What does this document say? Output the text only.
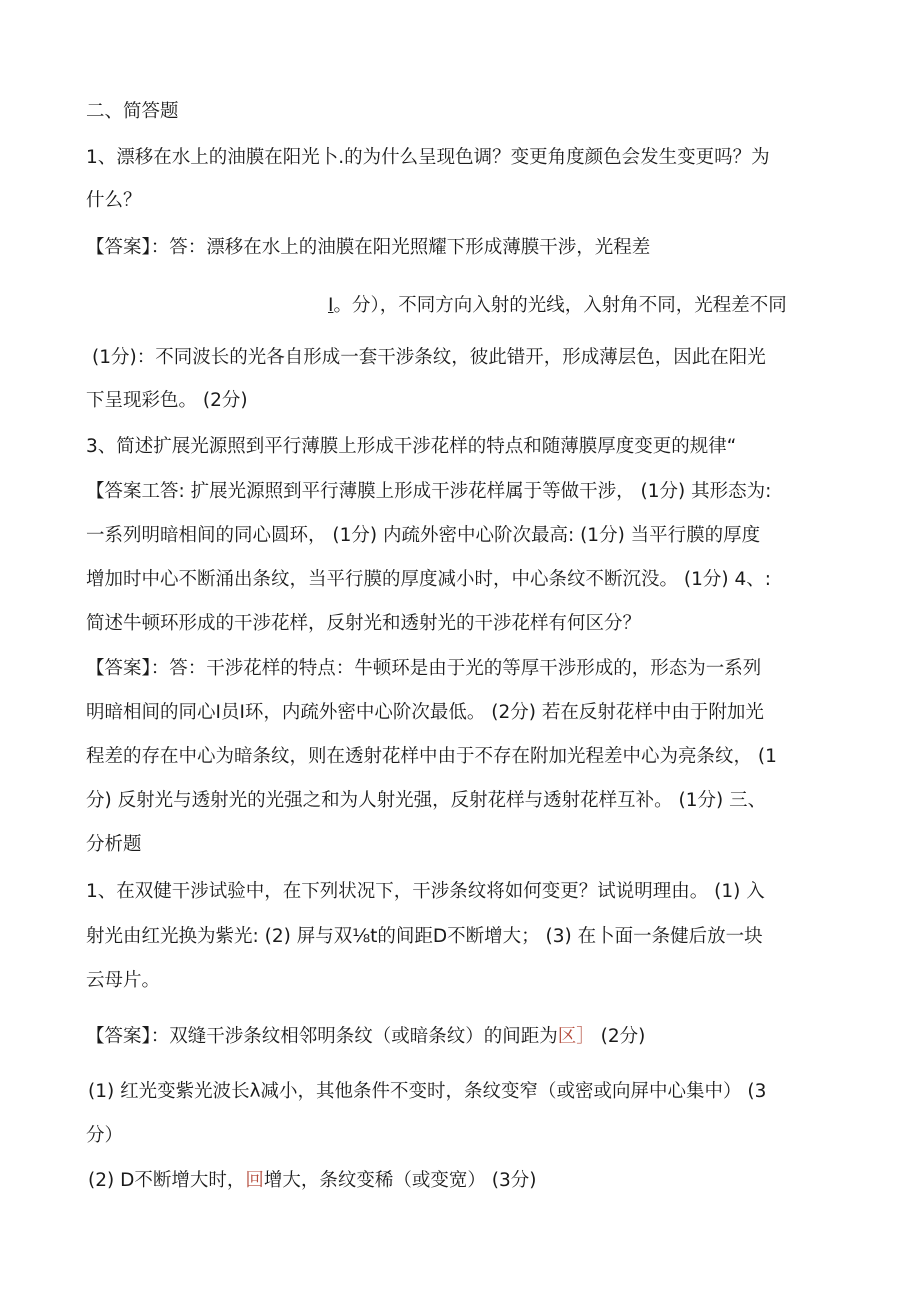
二、简答题
1、漂移在水上的油膜在阳光卜.的为什么呈现色调？变更角度颜色会发生变更吗？为
什么？
【答案】：答：漂移在水上的油膜在阳光照耀下形成薄膜干涉，光程差
I。分），不同方向入射的光线，入射角不同，光程差不同
(1分)：不同波长的光各自形成一套干涉条纹，彼此错开，形成薄层色，因此在阳光
下呈现彩色。 (2分)
3、简述扩展光源照到平行薄膜上形成干涉花样的特点和随薄膜厚度变更的规律“
【答案工答: 扩展光源照到平行薄膜上形成干涉花样属于等做干涉， (1分) 其形态为:
一系列明暗相间的同心圆环， (1分) 内疏外密中心阶次最高: (1分) 当平行膜的厚度
增加时中心不断涌出条纹，当平行膜的厚度减小时，中心条纹不断沉没。 (1分) 4、:
简述牛顿环形成的干涉花样，反射光和透射光的干涉花样有何区分？
【答案】：答：干涉花样的特点：牛顿环是由于光的等厚干涉形成的，形态为一系列
明暗相间的同心I员I环，内疏外密中心阶次最低。 (2分) 若在反射花样中由于附加光
程差的存在中心为暗条纹，则在透射花样中由于不存在附加光程差中心为亮条纹， (1
分) 反射光与透射光的光强之和为人射光强，反射花样与透射花样互补。 (1分) 三、
分析题
1、在双健干涉试验中，在下列状况下，干涉条纹将如何变更？试说明理由。 (1) 入
射光由红光换为紫光: (2) 屏与双⅛t的间距D不断增大； (3) 在卜面一条健后放一块
云母片。
【答案】：双缝干涉条纹相邻明条纹（或暗条纹）的间距为区］ (2分)
(1) 红光变紫光波长λ减小，其他条件不变时，条纹变窄（或密或向屏中心集中） (3
分）
(2) D不断增大时，回增大，条纹变稀（或变宽） (3分)
